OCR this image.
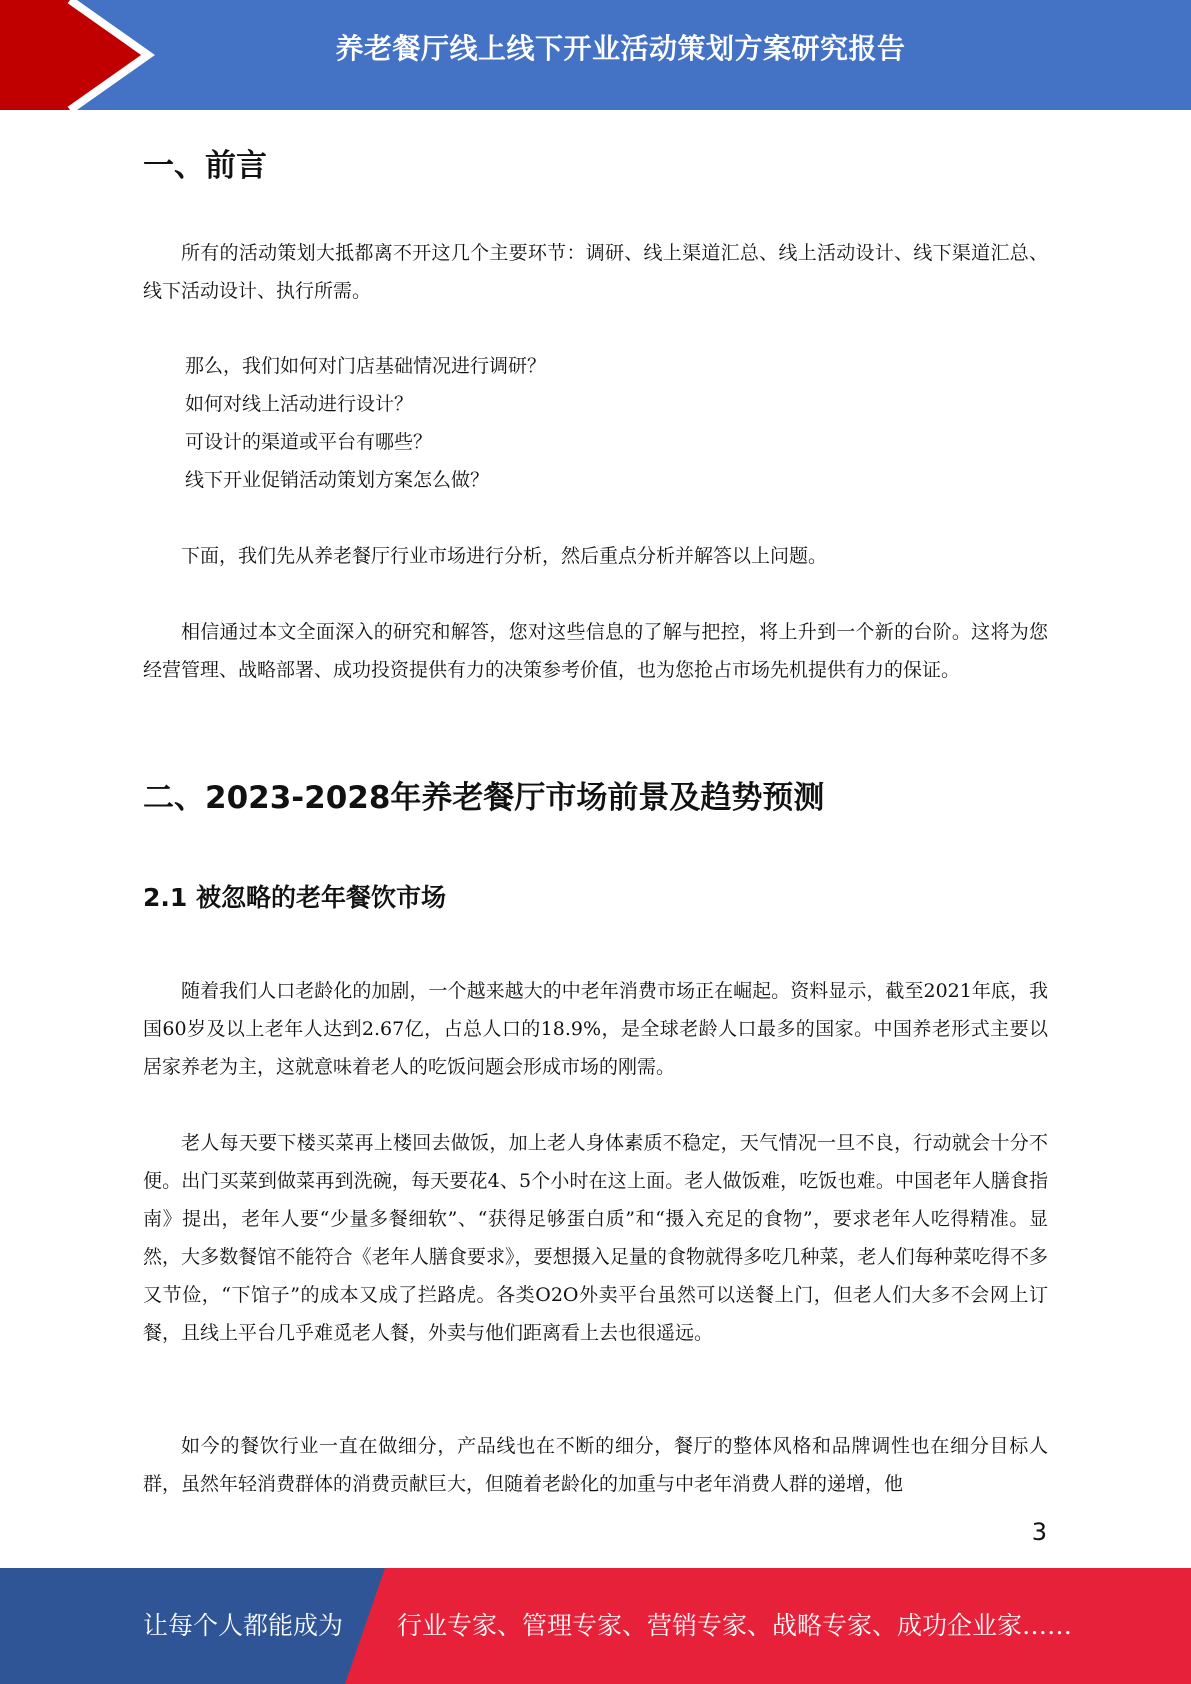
养老餐厅线上线下开业活动策划方案研究报告
一、前言

所有的活动策划大抵都离不开这几个主要环节：调研、线上渠道汇总、线上活动设计、线下渠道汇总、线下活动设计、执行所需。

那么，我们如何对门店基础情况进行调研？
如何对线上活动进行设计？
可设计的渠道或平台有哪些？
线下开业促销活动策划方案怎么做？

下面，我们先从养老餐厅行业市场进行分析，然后重点分析并解答以上问题。

相信通过本文全面深入的研究和解答，您对这些信息的了解与把控，将上升到一个新的台阶。这将为您经营管理、战略部署、成功投资提供有力的决策参考价值，也为您抢占市场先机提供有力的保证。

二、2023-2028年养老餐厅市场前景及趋势预测
2.1 被忽略的老年餐饮市场

随着我们人口老龄化的加剧，一个越来越大的中老年消费市场正在崛起。资料显示，截至2021年底，我国60岁及以上老年人达到2.67亿，占总人口的18.9%，是全球老龄人口最多的国家。中国养老形式主要以居家养老为主，这就意味着老人的吃饭问题会形成市场的刚需。

老人每天要下楼买菜再上楼回去做饭，加上老人身体素质不稳定，天气情况一旦不良，行动就会十分不便。出门买菜到做菜再到洗碗，每天要花4、5个小时在这上面。老人做饭难，吃饭也难。中国老年人膳食指南》提出，老年人要“少量多餐细软”、“获得足够蛋白质”和“摄入充足的食物”，要求老年人吃得精准。显然，大多数餐馆不能符合《老年人膳食要求》，要想摄入足量的食物就得多吃几种菜，老人们每种菜吃得不多又节俭，“下馆子”的成本又成了拦路虎。各类O2O外卖平台虽然可以送餐上门，但老人们大多不会网上订餐，且线上平台几乎难觅老人餐，外卖与他们距离看上去也很遥远。

如今的餐饮行业一直在做细分，产品线也在不断的细分，餐厅的整体风格和品牌调性也在细分目标人群，虽然年轻消费群体的消费贡献巨大，但随着老龄化的加重与中老年消费人群的递增，他

3
让每个人都能成为 行业专家、管理专家、营销专家、战略专家、成功企业家……
